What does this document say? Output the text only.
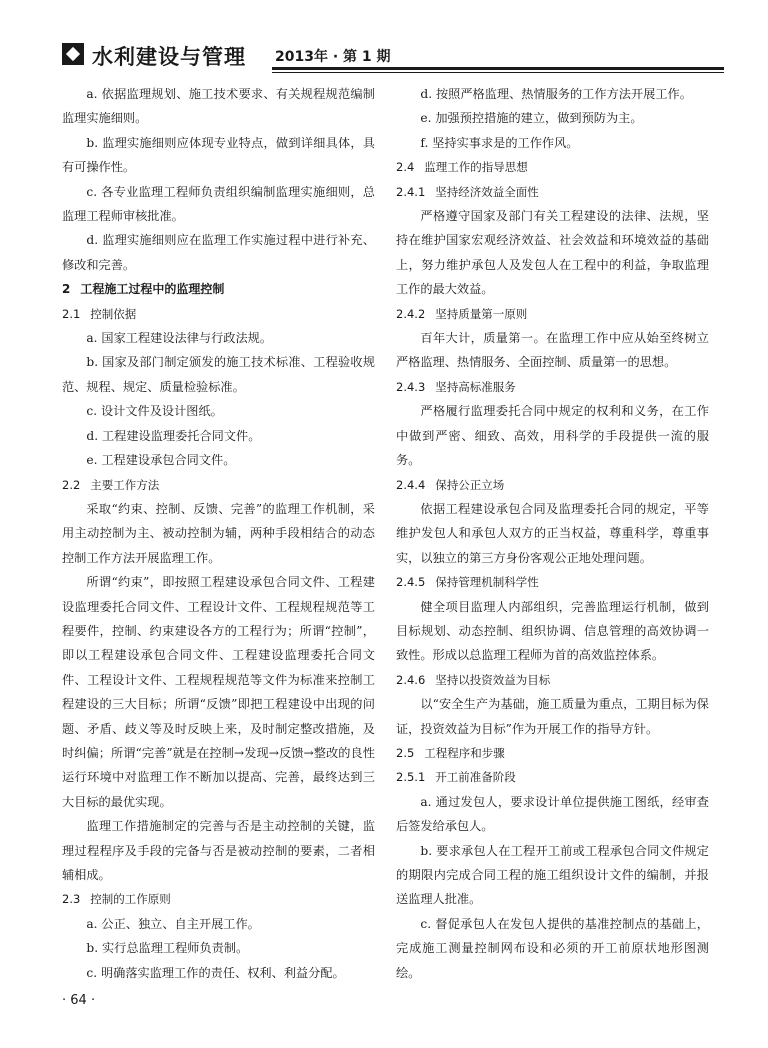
水利建设与管理 2013年 · 第 1 期
a. 依据监理规划、施工技术要求、有关规程规范编制监理实施细则。
b. 监理实施细则应体现专业特点，做到详细具体，具有可操作性。
c. 各专业监理工程师负责组织编制监理实施细则，总监理工程师审核批准。
d. 监理实施细则应在监理工作实施过程中进行补充、修改和完善。
2 工程施工过程中的监理控制
2.1 控制依据
a. 国家工程建设法律与行政法规。
b. 国家及部门制定颁发的施工技术标准、工程验收规范、规程、规定、质量检验标准。
c. 设计文件及设计图纸。
d. 工程建设监理委托合同文件。
e. 工程建设承包合同文件。
2.2 主要工作方法
采取“约束、控制、反馈、完善”的监理工作机制，采用主动控制为主、被动控制为辅，两种手段相结合的动态控制工作方法开展监理工作。
所谓“约束”，即按照工程建设承包合同文件、工程建设监理委托合同文件、工程设计文件、工程规程规范等工程要件，控制、约束建设各方的工程行为；所谓“控制”，即以工程建设承包合同文件、工程建设监理委托合同文件、工程设计文件、工程规程规范等文件为标准来控制工程建设的三大目标；所谓“反馈”即把工程建设中出现的问题、矛盾、歧义等及时反映上来，及时制定整改措施，及时纠偏；所谓“完善”就是在控制→发现→反馈→整改的良性运行环境中对监理工作不断加以提高、完善，最终达到三大目标的最优实现。
监理工作措施制定的完善与否是主动控制的关键，监理过程程序及手段的完备与否是被动控制的要素，二者相辅相成。
2.3 控制的工作原则
a. 公正、独立、自主开展工作。
b. 实行总监理工程师负责制。
c. 明确落实监理工作的责任、权利、利益分配。
d. 按照严格监理、热情服务的工作方法开展工作。
e. 加强预控措施的建立，做到预防为主。
f. 坚持实事求是的工作作风。
2.4 监理工作的指导思想
2.4.1 坚持经济效益全面性
严格遵守国家及部门有关工程建设的法律、法规，坚持在维护国家宏观经济效益、社会效益和环境效益的基础上，努力维护承包人及发包人在工程中的利益，争取监理工作的最大效益。
2.4.2 坚持质量第一原则
百年大计，质量第一。在监理工作中应从始至终树立严格监理、热情服务、全面控制、质量第一的思想。
2.4.3 坚持高标准服务
严格履行监理委托合同中规定的权利和义务，在工作中做到严密、细致、高效，用科学的手段提供一流的服务。
2.4.4 保持公正立场
依据工程建设承包合同及监理委托合同的规定，平等维护发包人和承包人双方的正当权益，尊重科学，尊重事实，以独立的第三方身份客观公正地处理问题。
2.4.5 保持管理机制科学性
健全项目监理人内部组织，完善监理运行机制，做到目标规划、动态控制、组织协调、信息管理的高效协调一致性。形成以总监理工程师为首的高效监控体系。
2.4.6 坚持以投资效益为目标
以“安全生产为基础，施工质量为重点，工期目标为保证，投资效益为目标”作为开展工作的指导方针。
2.5 工程程序和步骤
2.5.1 开工前准备阶段
a. 通过发包人，要求设计单位提供施工图纸，经审查后签发给承包人。
b. 要求承包人在工程开工前或工程承包合同文件规定的期限内完成合同工程的施工组织设计文件的编制，并报送监理人批准。
c. 督促承包人在发包人提供的基准控制点的基础上，完成施工测量控制网布设和必须的开工前原状地形图测绘。
· 64 ·
